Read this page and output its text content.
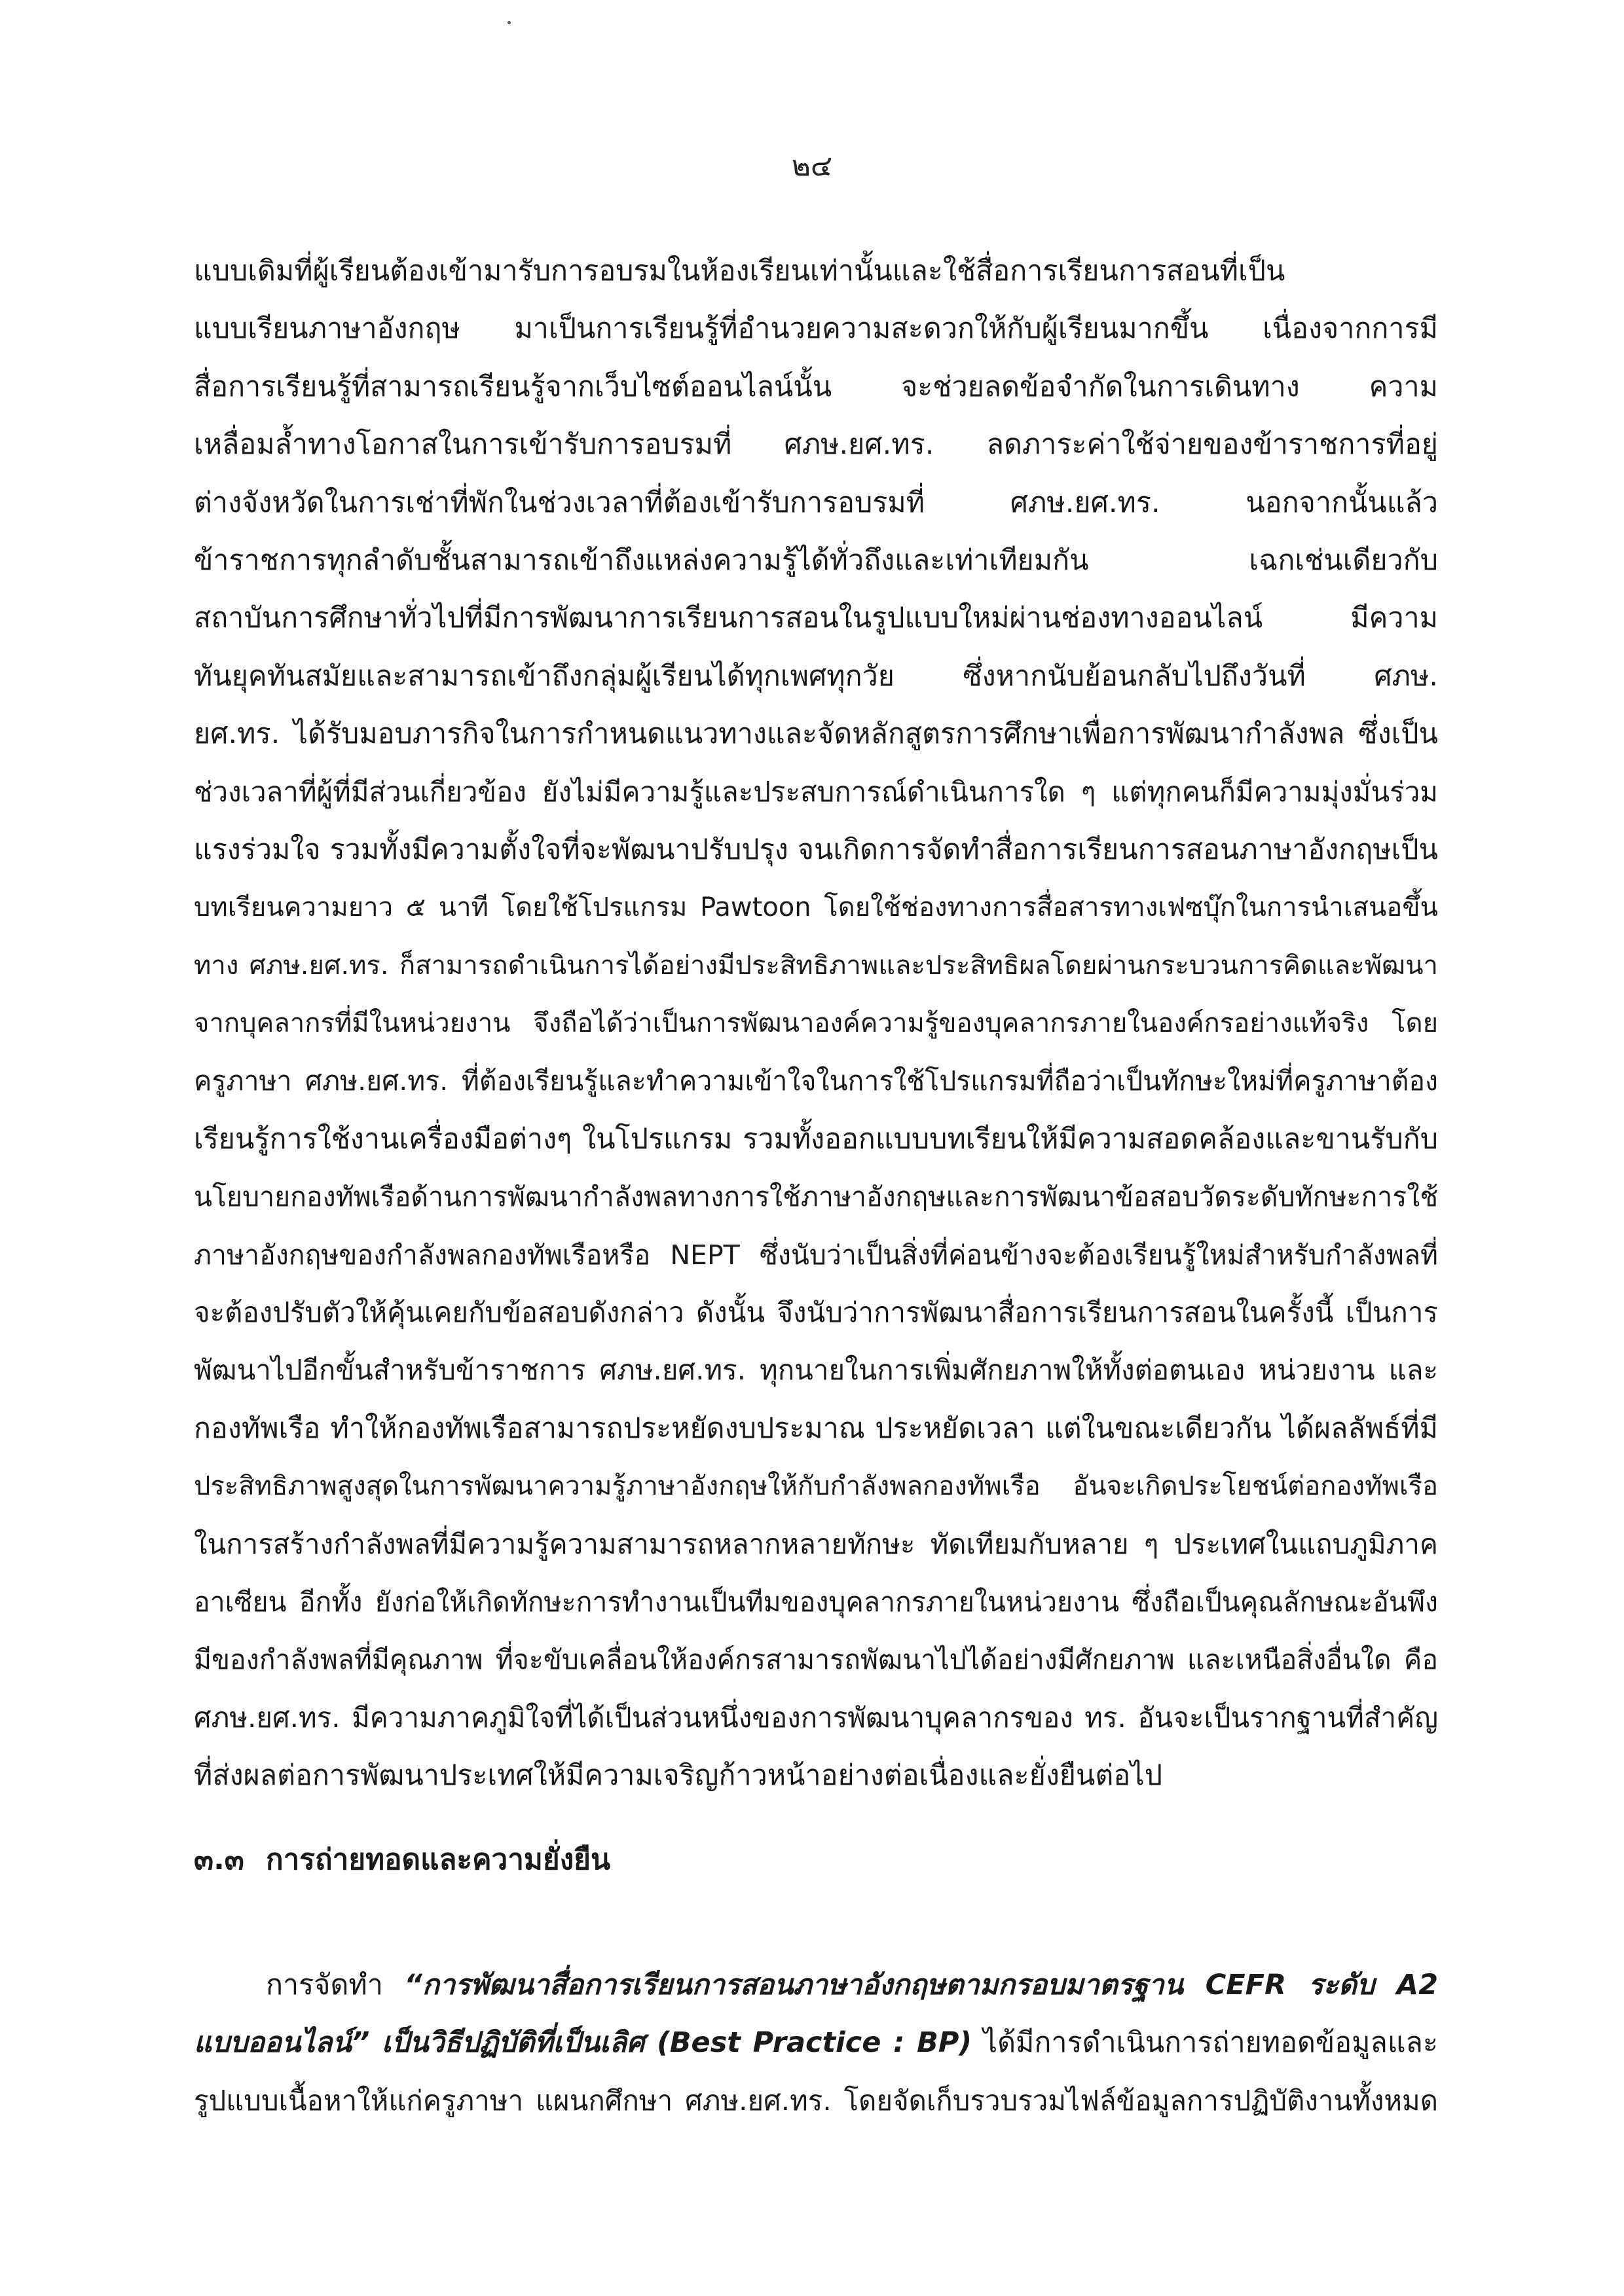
๒๔
แบบเดิมที่ผู้เรียนต้องเข้ามารับการอบรมในห้องเรียนเท่านั้นและใช้สื่อการเรียนการสอนที่เป็น
แบบเรียนภาษาอังกฤษ มาเป็นการเรียนรู้ที่อำนวยความสะดวกให้กับผู้เรียนมากขึ้น เนื่องจากการมี
สื่อการเรียนรู้ที่สามารถเรียนรู้จากเว็บไซต์ออนไลน์นั้น จะช่วยลดข้อจำกัดในการเดินทาง ความ
เหลื่อมล้ำทางโอกาสในการเข้ารับการอบรมที่ ศภษ.ยศ.ทร. ลดภาระค่าใช้จ่ายของข้าราชการที่อยู่
ต่างจังหวัดในการเช่าที่พักในช่วงเวลาที่ต้องเข้ารับการอบรมที่ ศภษ.ยศ.ทร. นอกจากนั้นแล้ว
ข้าราชการทุกลำดับชั้นสามารถเข้าถึงแหล่งความรู้ได้ทั่วถึงและเท่าเทียมกัน เฉกเช่นเดียวกับ
สถาบันการศึกษาทั่วไปที่มีการพัฒนาการเรียนการสอนในรูปแบบใหม่ผ่านช่องทางออนไลน์ มีความ
ทันยุคทันสมัยและสามารถเข้าถึงกลุ่มผู้เรียนได้ทุกเพศทุกวัย ซึ่งหากนับย้อนกลับไปถึงวันที่ ศภษ.
ยศ.ทร. ได้รับมอบภารกิจในการกำหนดแนวทางและจัดหลักสูตรการศึกษาเพื่อการพัฒนากำลังพล ซึ่งเป็น
ช่วงเวลาที่ผู้ที่มีส่วนเกี่ยวข้อง ยังไม่มีความรู้และประสบการณ์ดำเนินการใด ๆ แต่ทุกคนก็มีความมุ่งมั่นร่วม
แรงร่วมใจ รวมทั้งมีความตั้งใจที่จะพัฒนาปรับปรุง จนเกิดการจัดทำสื่อการเรียนการสอนภาษาอังกฤษเป็น
บทเรียนความยาว ๕ นาที โดยใช้โปรแกรม Pawtoon โดยใช้ช่องทางการสื่อสารทางเฟซบุ๊กในการนำเสนอขึ้น
ทาง ศภษ.ยศ.ทร. ก็สามารถดำเนินการได้อย่างมีประสิทธิภาพและประสิทธิผลโดยผ่านกระบวนการคิดและพัฒนา
จากบุคลากรที่มีในหน่วยงาน จึงถือได้ว่าเป็นการพัฒนาองค์ความรู้ของบุคลากรภายในองค์กรอย่างแท้จริง โดย
ครูภาษา ศภษ.ยศ.ทร. ที่ต้องเรียนรู้และทำความเข้าใจในการใช้โปรแกรมที่ถือว่าเป็นทักษะใหม่ที่ครูภาษาต้อง
เรียนรู้การใช้งานเครื่องมือต่างๆ ในโปรแกรม รวมทั้งออกแบบบทเรียนให้มีความสอดคล้องและขานรับกับ
นโยบายกองทัพเรือด้านการพัฒนากำลังพลทางการใช้ภาษาอังกฤษและการพัฒนาข้อสอบวัดระดับทักษะการใช้
ภาษาอังกฤษของกำลังพลกองทัพเรือหรือ NEPT ซึ่งนับว่าเป็นสิ่งที่ค่อนข้างจะต้องเรียนรู้ใหม่สำหรับกำลังพลที่
จะต้องปรับตัวให้คุ้นเคยกับข้อสอบดังกล่าว ดังนั้น จึงนับว่าการพัฒนาสื่อการเรียนการสอนในครั้งนี้ เป็นการ
พัฒนาไปอีกขั้นสำหรับข้าราชการ ศภษ.ยศ.ทร. ทุกนายในการเพิ่มศักยภาพให้ทั้งต่อตนเอง หน่วยงาน และ
กองทัพเรือ ทำให้กองทัพเรือสามารถประหยัดงบประมาณ ประหยัดเวลา แต่ในขณะเดียวกัน ได้ผลลัพธ์ที่มี
ประสิทธิภาพสูงสุดในการพัฒนาความรู้ภาษาอังกฤษให้กับกำลังพลกองทัพเรือ อันจะเกิดประโยชน์ต่อกองทัพเรือ
ในการสร้างกำลังพลที่มีความรู้ความสามารถหลากหลายทักษะ ทัดเทียมกับหลาย ๆ ประเทศในแถบภูมิภาค
อาเซียน อีกทั้ง ยังก่อให้เกิดทักษะการทำงานเป็นทีมของบุคลากรภายในหน่วยงาน ซึ่งถือเป็นคุณลักษณะอันพึง
มีของกำลังพลที่มีคุณภาพ ที่จะขับเคลื่อนให้องค์กรสามารถพัฒนาไปได้อย่างมีศักยภาพ และเหนือสิ่งอื่นใด คือ
ศภษ.ยศ.ทร. มีความภาคภูมิใจที่ได้เป็นส่วนหนึ่งของการพัฒนาบุคลากรของ ทร. อันจะเป็นรากฐานที่สำคัญ
ที่ส่งผลต่อการพัฒนาประเทศให้มีความเจริญก้าวหน้าอย่างต่อเนื่องและยั่งยืนต่อไป
๓.๓ การถ่ายทอดและความยั่งยืน
การจัดทำ “การพัฒนาสื่อการเรียนการสอนภาษาอังกฤษตามกรอบมาตรฐาน CEFR ระดับ A2
แบบออนไลน์” เป็นวิธีปฏิบัติที่เป็นเลิศ (Best Practice : BP) ได้มีการดำเนินการถ่ายทอดข้อมูลและ
รูปแบบเนื้อหาให้แก่ครูภาษา แผนกศึกษา ศภษ.ยศ.ทร. โดยจัดเก็บรวบรวมไฟล์ข้อมูลการปฏิบัติงานทั้งหมด
